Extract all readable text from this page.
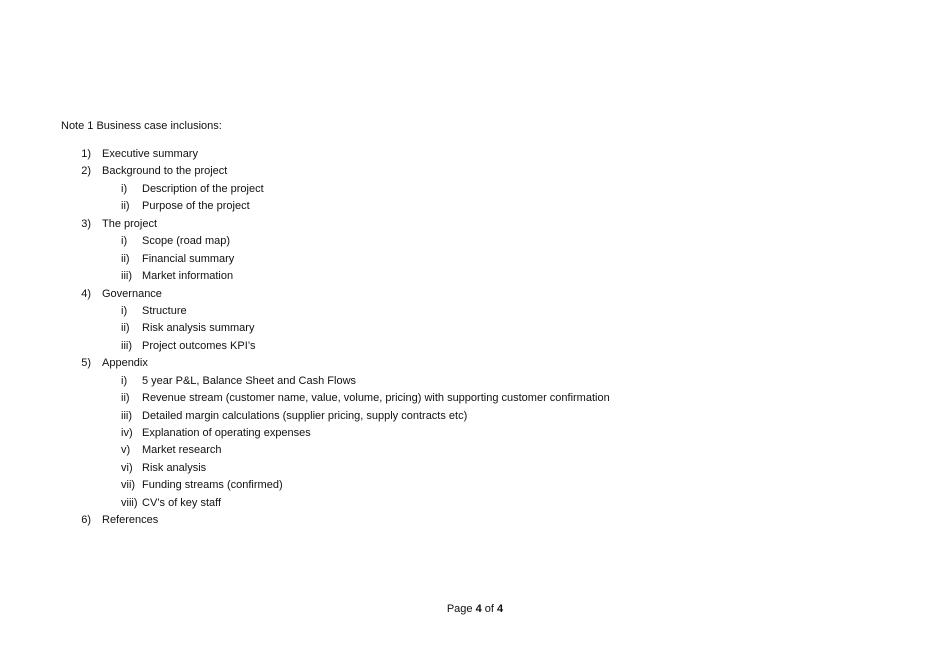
Note 1 Business case inclusions:
1) Executive summary
2) Background to the project
i)	Description of the project
ii)	Purpose of the project
3) The project
i)	Scope (road map)
ii)	Financial summary
iii) Market information
4) Governance
i)	Structure
ii)	Risk analysis summary
iii) Project outcomes KPI’s
5) Appendix
i)	5 year P&L, Balance Sheet and Cash Flows
ii)	Revenue stream (customer name, value, volume, pricing) with supporting customer confirmation
iii) Detailed margin calculations (supplier pricing, supply contracts etc)
iv) Explanation of operating expenses
v)	Market research
vi) Risk analysis
vii) Funding streams (confirmed)
viii) CV’s of key staff
6) References
Page 4 of 4
